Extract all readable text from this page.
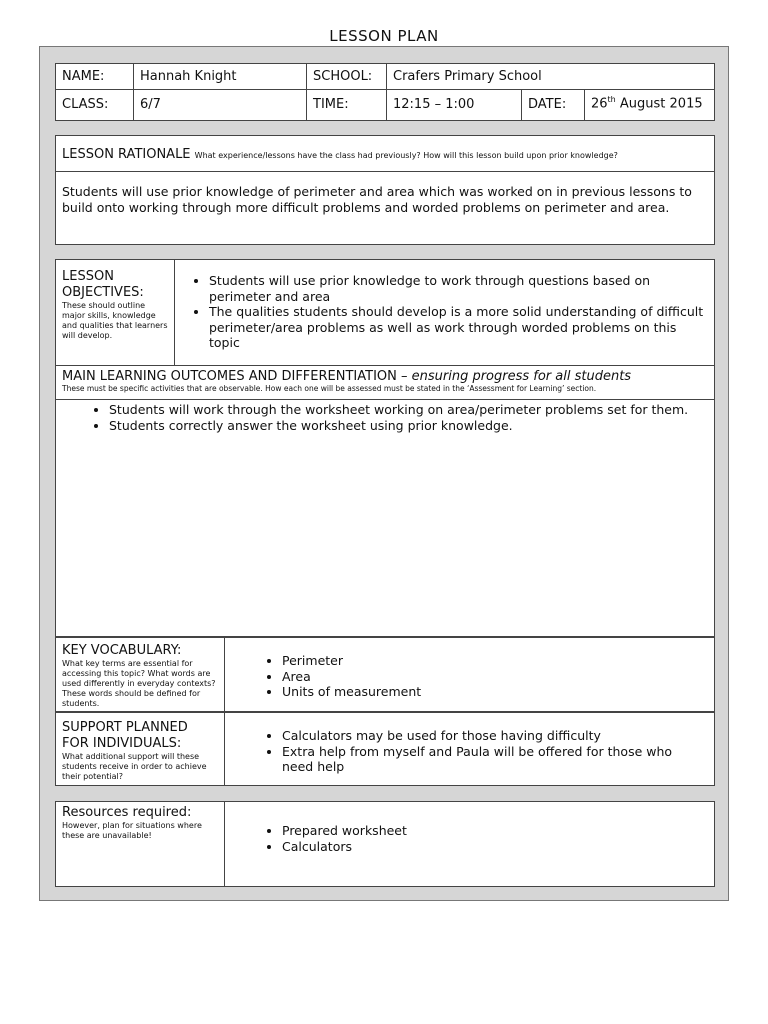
LESSON PLAN
NAME:	Hannah Knight	SCHOOL:	Crafers Primary School
CLASS:	6/7	TIME:	12:15 – 1:00	DATE:	26th August 2015
LESSON RATIONALE What experience/lessons have the class had previously? How will this lesson build upon prior knowledge?
Students will use prior knowledge of perimeter and area which was worked on in previous lessons to build onto working through more difficult problems and worded problems on perimeter and area.
LESSON OBJECTIVES:
These should outline major skills, knowledge and qualities that learners will develop.
• Students will use prior knowledge to work through questions based on perimeter and area
• The qualities students should develop is a more solid understanding of difficult perimeter/area problems as well as work through worded problems on this topic
MAIN LEARNING OUTCOMES AND DIFFERENTIATION – ensuring progress for all students
These must be specific activities that are observable. How each one will be assessed must be stated in the ‘Assessment for Learning’ section.
• Students will work through the worksheet working on area/perimeter problems set for them.
• Students correctly answer the worksheet using prior knowledge.
KEY VOCABULARY:
What key terms are essential for accessing this topic? What words are used differently in everyday contexts? These words should be defined for students.
• Perimeter
• Area
• Units of measurement
SUPPORT PLANNED FOR INDIVIDUALS:
What additional support will these students receive in order to achieve their potential?
• Calculators may be used for those having difficulty
• Extra help from myself and Paula will be offered for those who need help
Resources required:
However, plan for situations where these are unavailable!
•	Prepared worksheet
• Calculators
